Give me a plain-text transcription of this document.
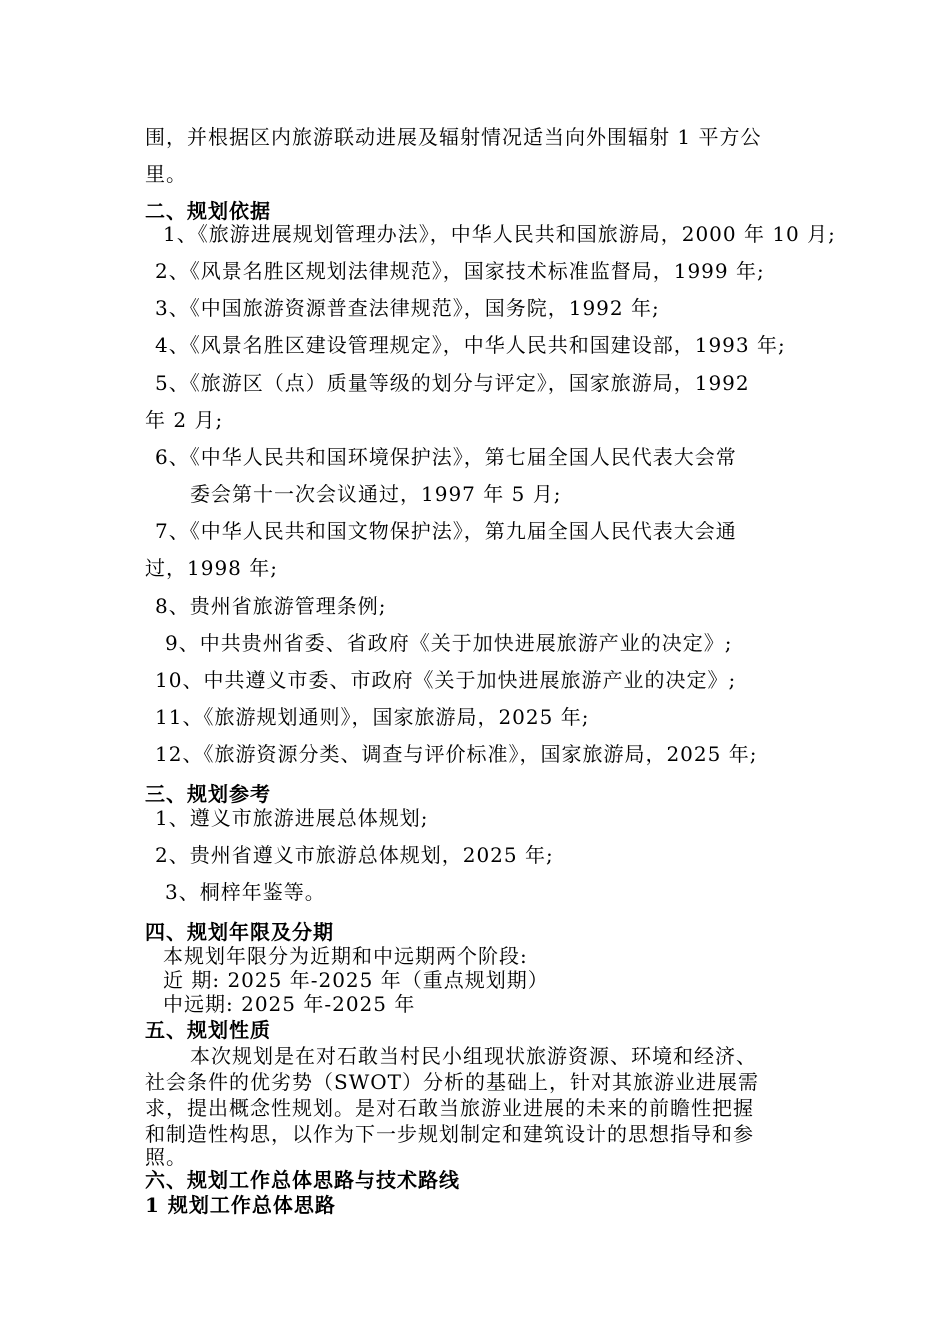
围，并根据区内旅游联动进展及辐射情况适当向外围辐射 1 平方公
里。
二、规划依据
1、《旅游进展规划管理办法》，中华人民共和国旅游局，2000 年 10 月;
2、《风景名胜区规划法律规范》，国家技术标准监督局，1999 年;
3、《中国旅游资源普查法律规范》，国务院，1992 年;
4、《风景名胜区建设管理规定》，中华人民共和国建设部，1993 年;
5、《旅游区（点）质量等级的划分与评定》，国家旅游局，1992
年 2 月;
6、《中华人民共和国环境保护法》，第七届全国人民代表大会常
委会第十一次会议通过，1997 年 5 月;
7、《中华人民共和国文物保护法》，第九届全国人民代表大会通
过，1998 年;
8、贵州省旅游管理条例;
9、中共贵州省委、省政府《关于加快进展旅游产业的决定》;
10、中共遵义市委、市政府《关于加快进展旅游产业的决定》;
11、《旅游规划通则》，国家旅游局，2025 年;
12、《旅游资源分类、调查与评价标准》，国家旅游局，2025 年;
三、规划参考
1、遵义市旅游进展总体规划;
2、贵州省遵义市旅游总体规划，2025 年;
3、桐梓年鉴等。
四、规划年限及分期
本规划年限分为近期和中远期两个阶段:
近 期: 2025 年-2025 年（重点规划期）
中远期: 2025 年-2025 年
五、规划性质
本次规划是在对石敢当村民小组现状旅游资源、环境和经济、
社会条件的优劣势（SWOT）分析的基础上，针对其旅游业进展需
求，提出概念性规划。是对石敢当旅游业进展的未来的前瞻性把握
和制造性构思，以作为下一步规划制定和建筑设计的思想指导和参
照。
六、规划工作总体思路与技术路线
1 规划工作总体思路
